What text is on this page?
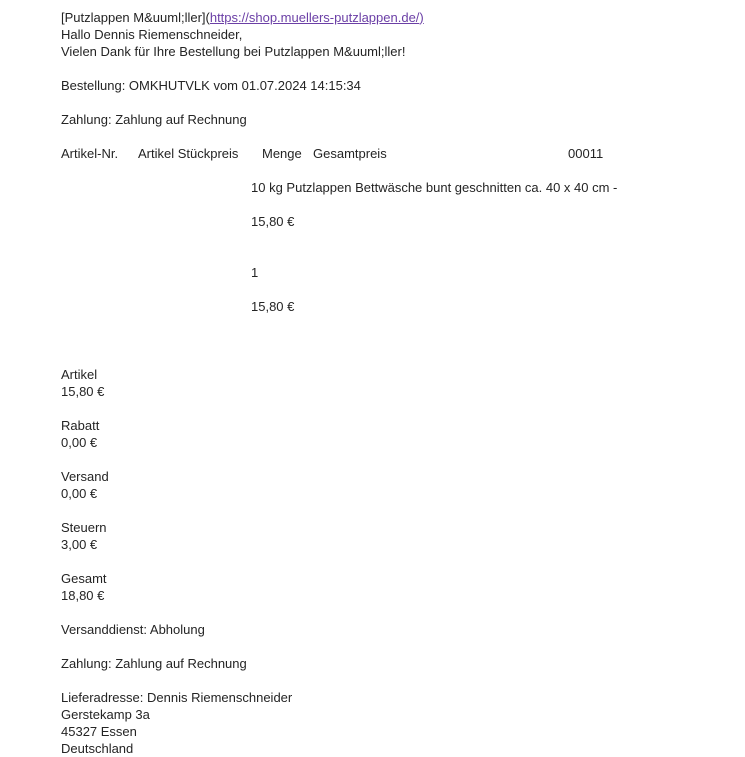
[Putzlappen M&uuml;ller](https://shop.muellers-putzlappen.de/)
Hallo Dennis Riemenschneider,
Vielen Dank für Ihre Bestellung bei Putzlappen M&uuml;ller!

Bestellung: OMKHUTVLK vom 01.07.2024 14:15:34

Zahlung: Zahlung auf Rechnung

Artikel-Nr. Artikel Stückpreis Menge Gesamtpreis	00011

10 kg Putzlappen Bettwäsche bunt geschnitten ca. 40 x 40 cm -

15,80 €

1

15,80 €

Artikel
15,80 €

Rabatt
0,00 €

Versand
0,00 €

Steuern
3,00 €

Gesamt
18,80 €

Versanddienst: Abholung

Zahlung: Zahlung auf Rechnung

Lieferadresse: Dennis Riemenschneider
Gerstekamp 3a
45327 Essen
Deutschland
